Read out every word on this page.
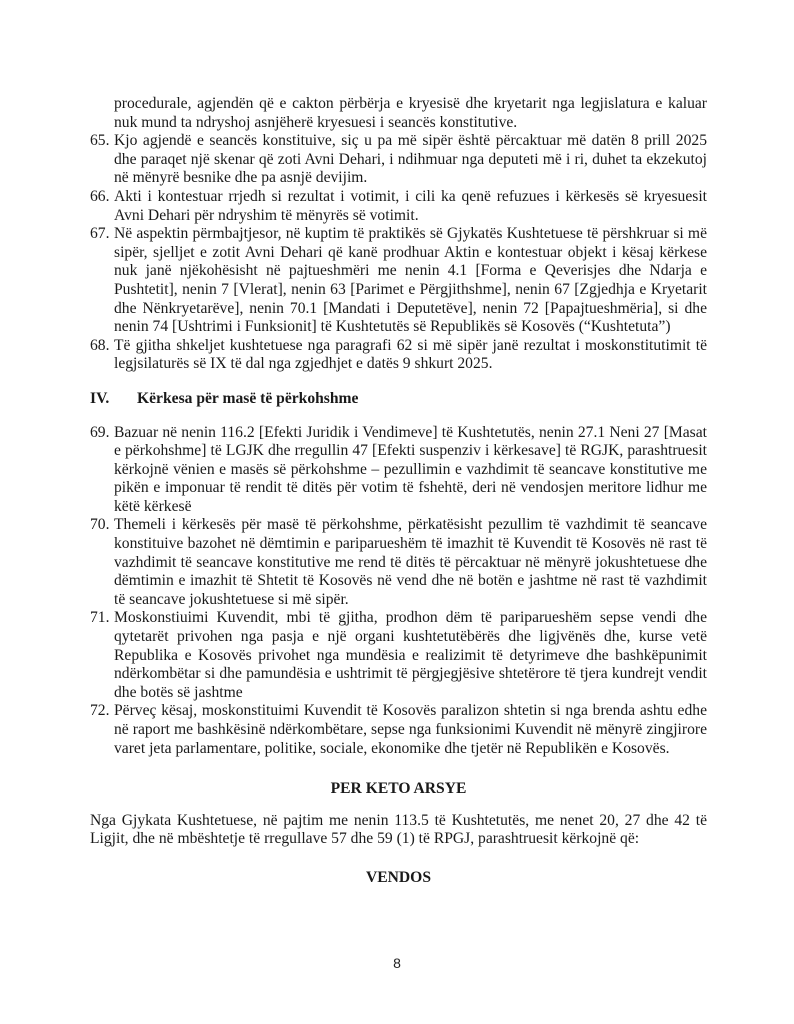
procedurale, agjendën që e cakton përbërja e kryesisë dhe kryetarit nga legjislatura e kaluar nuk mund ta ndryshoj asnjëherë kryesuesi i seancës konstitutive.

65. Kjo agjendë e seancës konstituive, siç u pa më sipër është përcaktuar më datën 8 prill 2025 dhe paraqet një skenar që zoti Avni Dehari, i ndihmuar nga deputeti më i ri, duhet ta ekzekutoj në mënyrë besnike dhe pa asnjë devijim.
66. Akti i kontestuar rrjedh si rezultat i votimit, i cili ka qenë refuzues i kërkesës së kryesuesit Avni Dehari për ndryshim të mënyrës së votimit.
67. Në aspektin përmbajtjesor, në kuptim të praktikës së Gjykatës Kushtetuese të përshkruar si më sipër, sjelljet e zotit Avni Dehari që kanë prodhuar Aktin e kontestuar objekt i kësaj kërkese nuk janë njëkohësisht në pajtueshmëri me nenin 4.1 [Forma e Qeverisjes dhe Ndarja e Pushtetit], nenin 7 [Vlerat], nenin 63 [Parimet e Përgjithshme], nenin 67 [Zgjedhja e Kryetarit dhe Nënkryetarëve], nenin 70.1 [Mandati i Deputetëve], nenin 72 [Papajtueshmëria], si dhe nenin 74 [Ushtrimi i Funksionit] të Kushtetutës së Republikës së Kosovës (“Kushtetuta”)
68. Të gjitha shkeljet kushtetuese nga paragrafi 62 si më sipër janë rezultat i moskonstitutimit të legjsilaturës së IX të dal nga zgjedhjet e datës 9 shkurt 2025.
IV. Kërkesa për masë të përkohshme
69. Bazuar në nenin 116.2 [Efekti Juridik i Vendimeve] të Kushtetutës, nenin 27.1 Neni 27 [Masat e përkohshme] të LGJK dhe rregullin 47 [Efekti suspenziv i kërkesave] të RGJK, parashtruesit kërkojnë vënien e masës së përkohshme – pezullimin e vazhdimit të seancave konstitutive me pikën e imponuar të rendit të ditës për votim të fshehtë, deri në vendosjen meritore lidhur me këtë kërkesë
70. Themeli i kërkesës për masë të përkohshme, përkatësisht pezullim të vazhdimit të seancave konstituive bazohet në dëmtimin e pariparueshëm të imazhit të Kuvendit të Kosovës në rast të vazhdimit të seancave konstitutive me rend të ditës të përcaktuar në mënyrë jokushtetuese dhe dëmtimin e imazhit të Shtetit të Kosovës në vend dhe në botën e jashtme në rast të vazhdimit të seancave jokushtetuese si më sipër.
71. Moskonstiuimi Kuvendit, mbi të gjitha, prodhon dëm të pariparueshëm sepse vendi dhe qytetarët privohen nga pasja e një organi kushtetutëbërës dhe ligjvënës dhe, kurse vetë Republika e Kosovës privohet nga mundësia e realizimit të detyrimeve dhe bashkëpunimit ndërkombëtar si dhe pamundësia e ushtrimit të përgjegjësive shtetërore të tjera kundrejt vendit dhe botës së jashtme
72. Përveç kësaj, moskonstituimi Kuvendit të Kosovës paralizon shtetin si nga brenda ashtu edhe në raport me bashkësinë ndërkombëtare, sepse nga funksionimi Kuvendit në mënyrë zingjirore varet jeta parlamentare, politike, sociale, ekonomike dhe tjetër në Republikën e Kosovës.
PER KETO ARSYE

Nga Gjykata Kushtetuese, në pajtim me nenin 113.5 të Kushtetutës, me nenet 20, 27 dhe 42 të Ligjit, dhe në mbështetje të rregullave 57 dhe 59 (1) të RPGJ, parashtruesit kërkojnë që:

VENDOS
8
